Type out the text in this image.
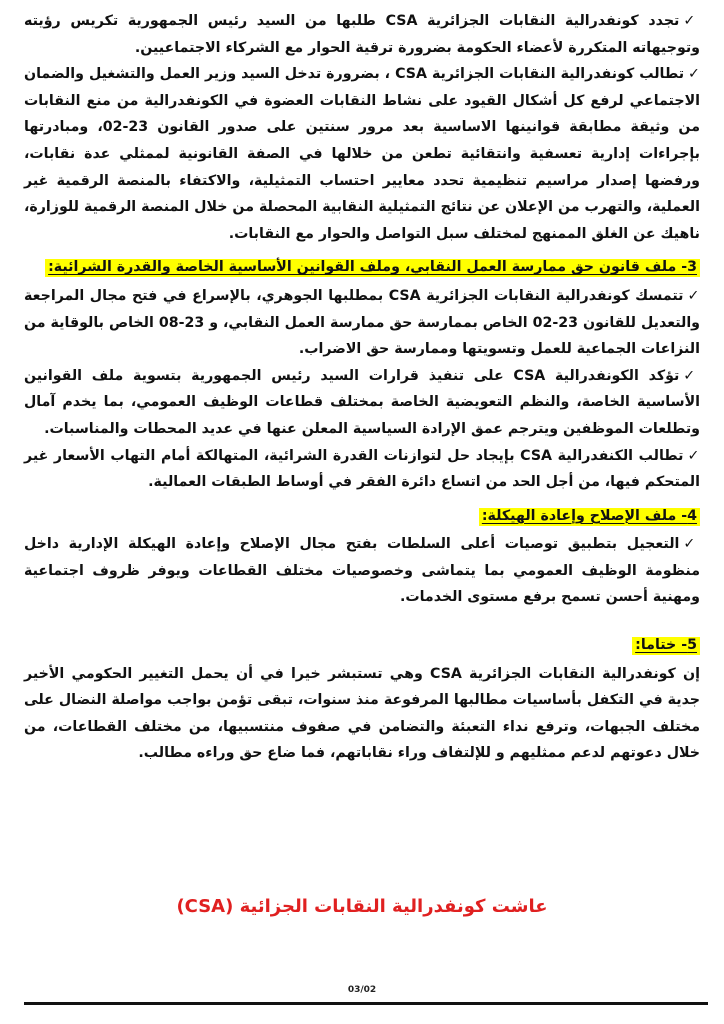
✓تجدد كونفدرالية النقابات الجزائرية CSA طلبها من السيد رئيس الجمهورية تكريس رؤيته وتوجيهاته المتكررة لأعضاء الحكومة بضرورة ترقية الحوار مع الشركاء الاجتماعيين.

✓تطالب كونفدرالية النقابات الجزائرية CSA ، بضرورة تدخل السيد وزير العمل والتشغيل والضمان الاجتماعي لرفع كل أشكال القيود على نشاط النقابات العضوة في الكونفدرالية من منع النقابات من وثيقة مطابقة قوانينها الاساسية بعد مرور سنتين على صدور القانون 23-02، ومبادرتها بإجراءات إدارية تعسفية وانتقائية تطعن من خلالها في الصفة القانونية لممثلي عدة نقابات، ورفضها إصدار مراسيم تنظيمية تحدد معايير احتساب التمثيلية، والاكتفاء بالمنصة الرقمية غير العملية، والتهرب من الإعلان عن نتائج التمثيلية النقابية المحصلة من خلال المنصة الرقمية للوزارة، ناهيك عن الغلق الممنهج لمختلف سبل التواصل والحوار مع النقابات.

3- ملف قانون حق ممارسة العمل النقابي، وملف القوانين الأساسية الخاصة والقدرة الشرائية:

✓تتمسك كونفدرالية النقابات الجزائرية CSA بمطلبها الجوهري، بالإسراع في فتح مجال المراجعة والتعديل للقانون 23-02 الخاص بممارسة حق ممارسة العمل النقابي، و 23-08 الخاص بالوقاية من النزاعات الجماعية للعمل وتسويتها وممارسة حق الاضراب.

✓تؤكد الكونفدرالية CSA على تنفيذ قرارات السيد رئيس الجمهورية بتسوية ملف القوانين الأساسية الخاصة، والنظم التعويضية الخاصة بمختلف قطاعات الوظيف العمومي، بما يخدم آمال وتطلعات الموظفين ويترجم عمق الإرادة السياسية المعلن عنها في عديد المحطات والمناسبات.

✓تطالب الكنفدرالية CSA بإيجاد حل لتوازنات القدرة الشرائية، المتهالكة أمام التهاب الأسعار غير المتحكم فيها، من أجل الحد من اتساع دائرة الفقر في أوساط الطبقات العمالية.

4- ملف الإصلاح وإعادة الهيكلة:

✓التعجيل بتطبيق توصيات أعلى السلطات بفتح مجال الإصلاح وإعادة الهيكلة الإدارية داخل منظومة الوظيف العمومي بما يتماشى وخصوصيات مختلف القطاعات ويوفر ظروف اجتماعية ومهنية أحسن تسمح برفع مستوى الخدمات.

5- ختاما:

إن كونفدرالية النقابات الجزائرية CSA وهي تستبشر خيرا في أن يحمل التغيير الحكومي الأخير جدية في التكفل بأساسيات مطالبها المرفوعة منذ سنوات، تبقى تؤمن بواجب مواصلة النضال على مختلف الجبهات، وترفع نداء التعبئة والتضامن في صفوف منتسبيها، من مختلف القطاعات، من خلال دعوتهم لدعم ممثليهم و للإلتفاف وراء نقاباتهم، فما ضاع حق وراءه مطالب.

عاشت كونفدرالية النقابات الجزائية (CSA)
03/02
